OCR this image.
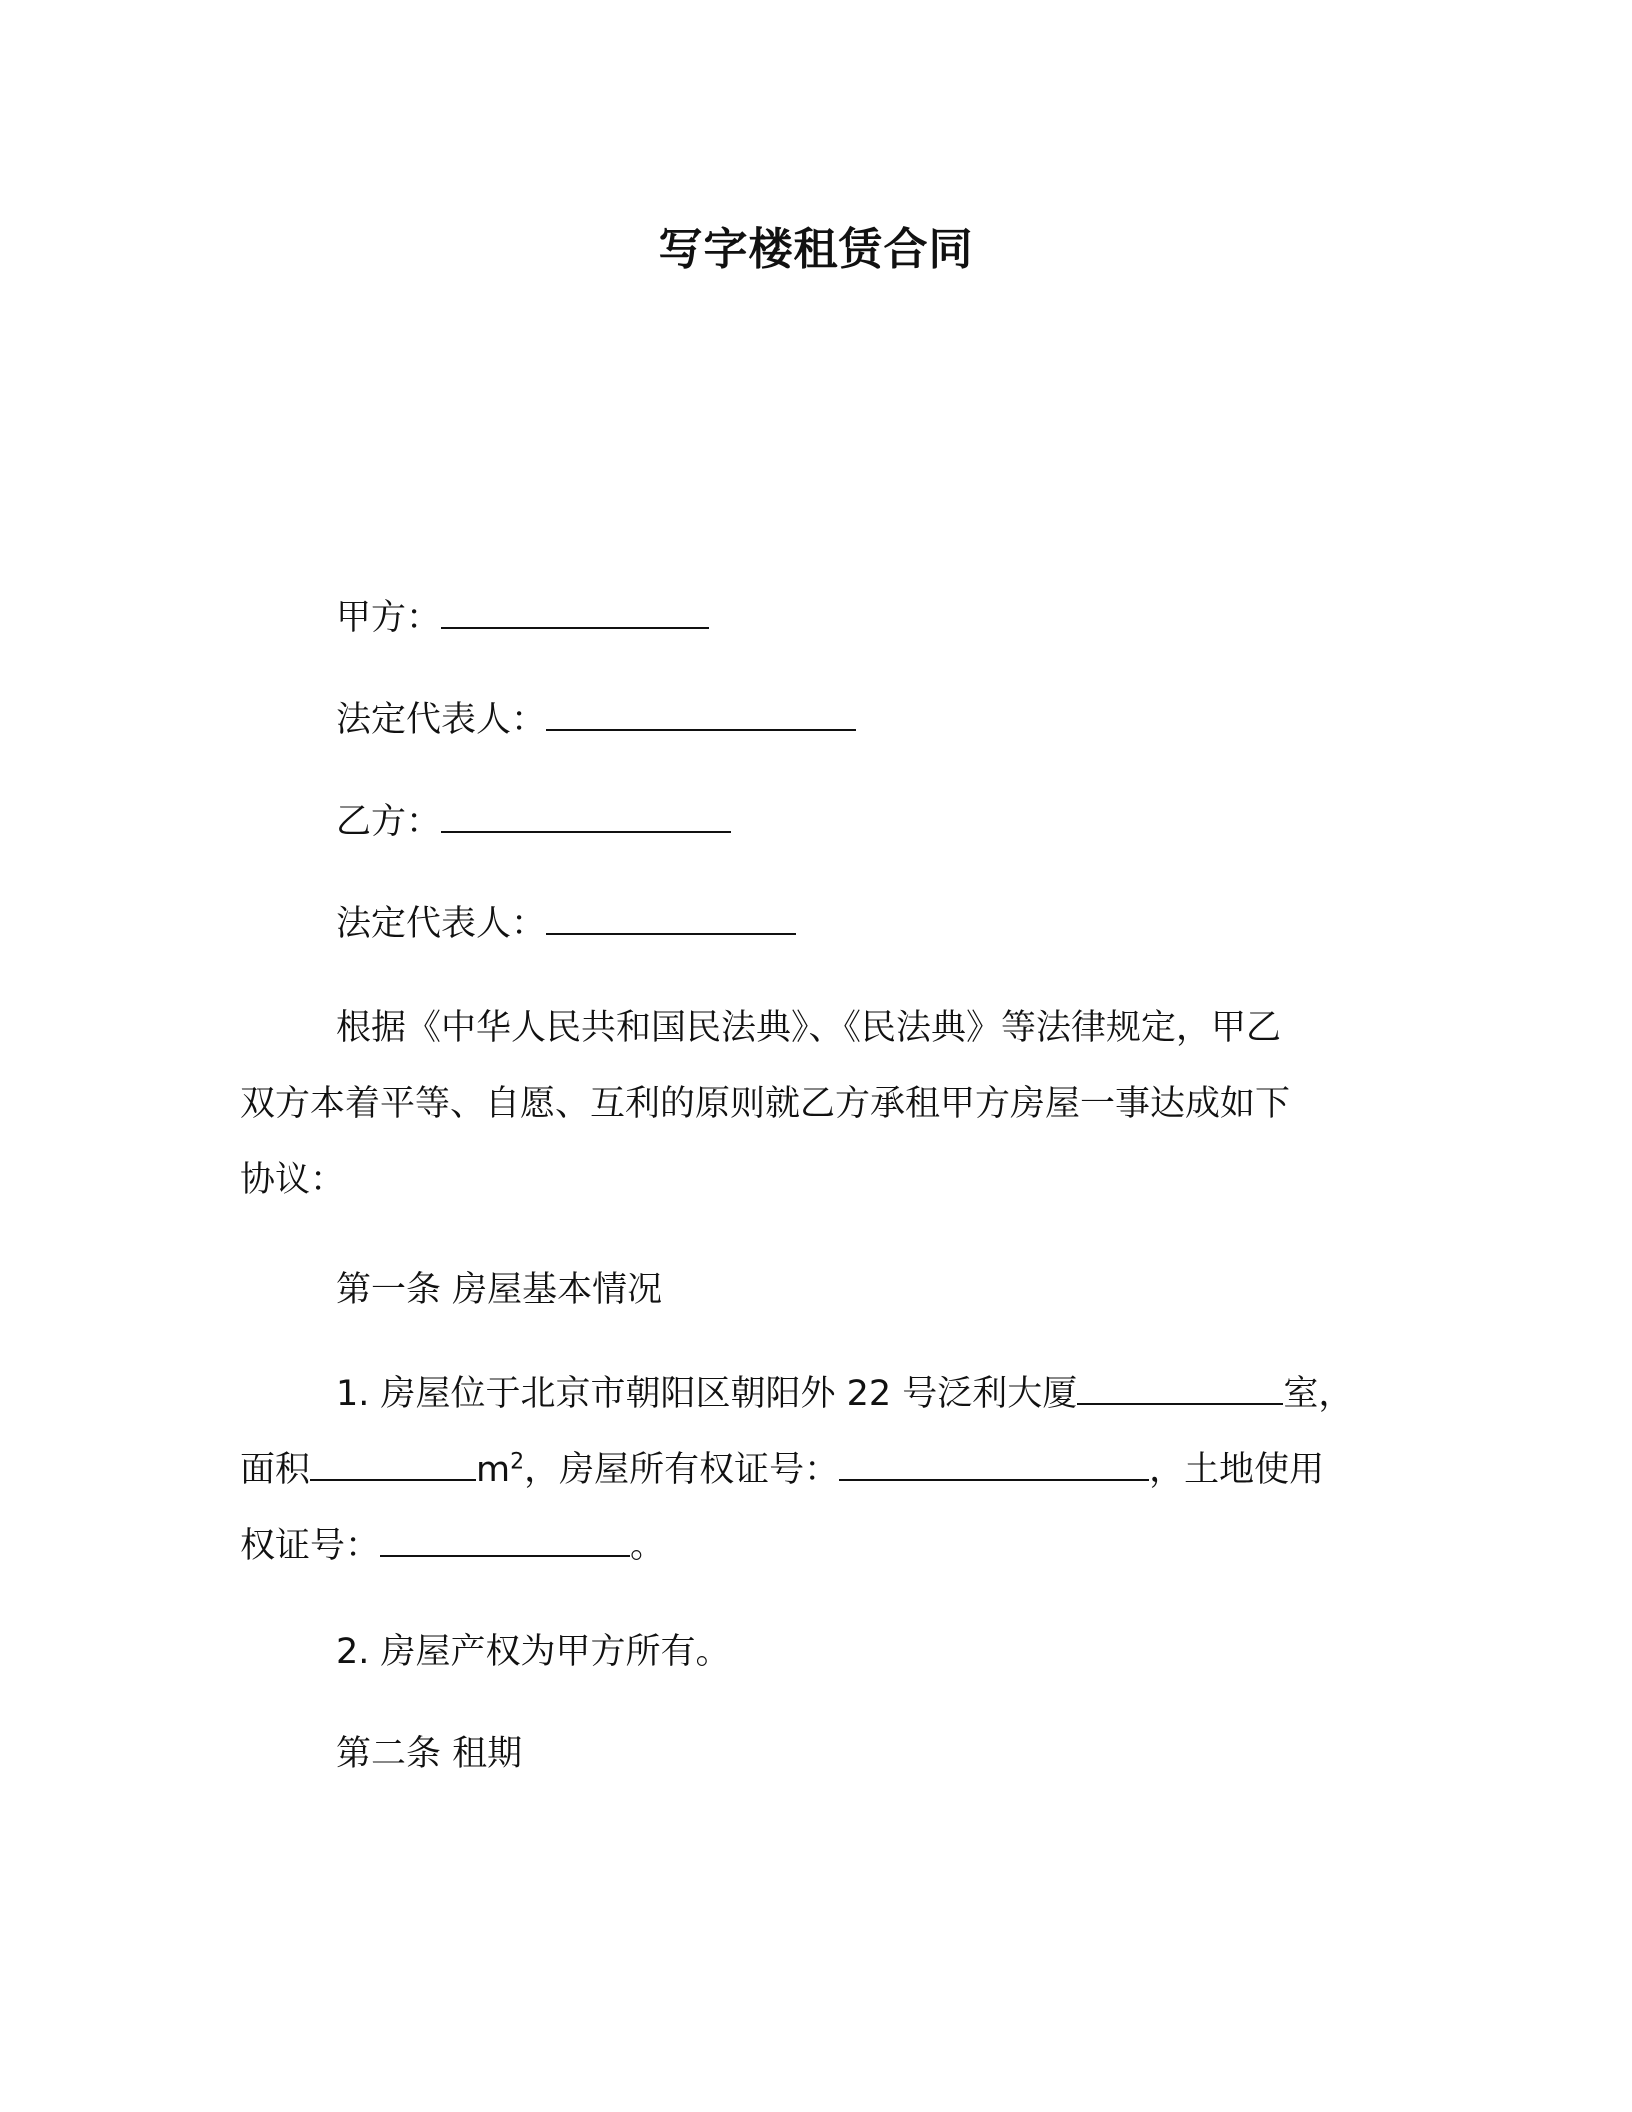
写字楼租赁合同
甲方：
法定代表人：
乙方：
法定代表人：
根据《中华人民共和国民法典》、《民法典》等法律规定，甲乙
双方本着平等、自愿、互利的原则就乙方承租甲方房屋一事达成如下
协议：
第一条 房屋基本情况
1. 房屋位于北京市朝阳区朝阳外 22 号泛利大厦	室，
面积	$m^2$，房屋所有权证号：	，土地使用
权证号：	。
2. 房屋产权为甲方所有。
第二条 租期
